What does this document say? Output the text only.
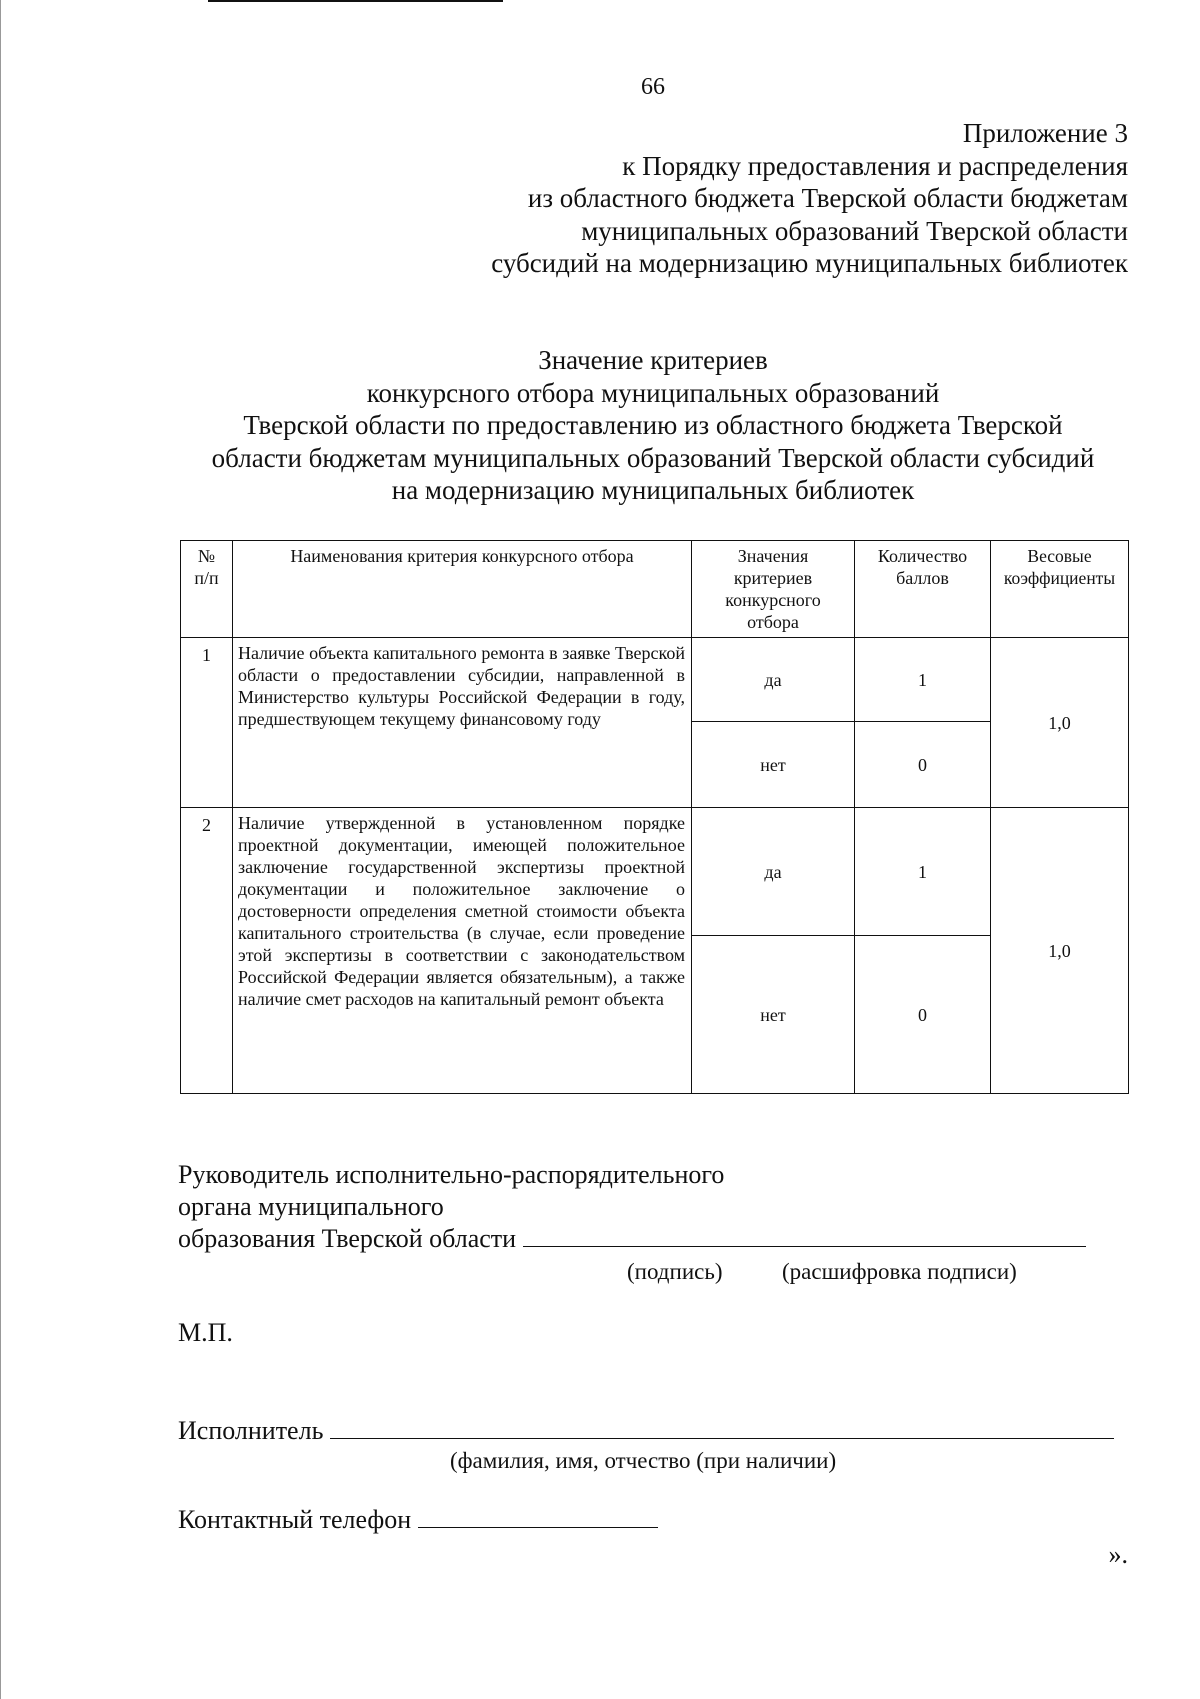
66
Приложение 3
к Порядку предоставления и распределения
из областного бюджета Тверской области бюджетам
муниципальных образований Тверской области
субсидий на модернизацию муниципальных библиотек
Значение критериев
конкурсного отбора муниципальных образований
Тверской области по предоставлению из областного бюджета Тверской
области бюджетам муниципальных образований Тверской области субсидий
на модернизацию муниципальных библиотек
№ п/п	Наименования критерия конкурсного отбора	Значения критериев конкурсного отбора	Количество баллов	Весовые коэффициенты
1	Наличие объекта капитального ремонта в заявке Тверской области о предоставлении субсидии, направленной в Министерство культуры Российской Федерации в году, предшествующем текущему финансовому году	да	1	1,0
		нет	0	
2	Наличие утвержденной в установленном порядке проектной документации, имеющей положительное заключение государственной экспертизы проектной документации и положительное заключение о достоверности определения сметной стоимости объекта капитального строительства (в случае, если проведение этой экспертизы в соответствии с законодательством Российской Федерации является обязательным), а также наличие смет расходов на капитальный ремонт объекта	да	1	1,0
		нет	0	
Руководитель исполнительно-распорядительного
органа муниципального
образования Тверской области
(подпись)	(расшифровка подписи)
М.П.
Исполнитель
(фамилия, имя, отчество (при наличии)
Контактный телефон
».
